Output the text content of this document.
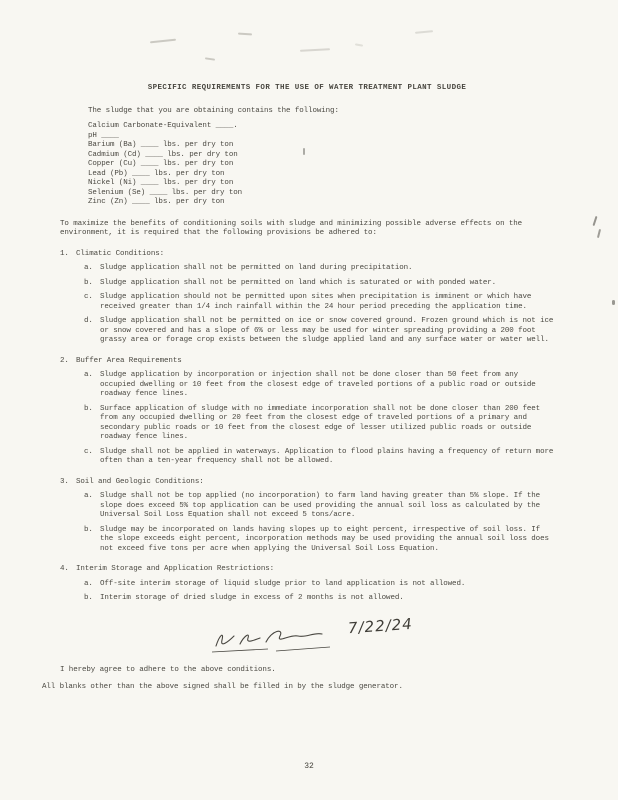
SPECIFIC REQUIREMENTS FOR THE USE OF WATER TREATMENT PLANT SLUDGE
The sludge that you are obtaining contains the following:
Calcium Carbonate-Equivalent ____.
pH ____
Barium (Ba) ____ lbs. per dry ton
Cadmium (Cd) ____ lbs. per dry ton
Copper (Cu) ____ lbs. per dry ton
Lead (Pb) ____ lbs. per dry ton
Nickel (Ni) ____ lbs. per dry ton
Selenium (Se) ____ lbs. per dry ton
Zinc (Zn) ____ lbs. per dry ton
To maximize the benefits of conditioning soils with sludge and minimizing possible adverse effects on the environment, it is required that the following provisions be adhered to:
1. Climatic Conditions:
a. Sludge application shall not be permitted on land during precipitation.
b. Sludge application shall not be permitted on land which is saturated or with ponded water.
c. Sludge application should not be permitted upon sites when precipitation is imminent or which have received greater than 1/4 inch rainfall within the 24 hour period preceding the application time.
d. Sludge application shall not be permitted on ice or snow covered ground. Frozen ground which is not ice or snow covered and has a slope of 6% or less may be used for winter spreading providing a 200 foot grassy area or forage crop exists between the sludge applied land and any surface water or water well.
2. Buffer Area Requirements
a. Sludge application by incorporation or injection shall not be done closer than 50 feet from any occupied dwelling or 10 feet from the closest edge of traveled portions of a public road or outside roadway fence lines.
b. Surface application of sludge with no immediate incorporation shall not be done closer than 200 feet from any occupied dwelling or 20 feet from the closest edge of traveled portions of a primary and secondary public roads or 10 feet from the closest edge of lesser utilized public roads or outside roadway fence lines.
c. Sludge shall not be applied in waterways. Application to flood plains having a frequency of return more often than a ten-year frequency shall not be allowed.
3. Soil and Geologic Conditions:
a. Sludge shall not be top applied (no incorporation) to farm land having greater than 5% slope. If the slope does exceed 5% top application can be used providing the annual soil loss as calculated by the Universal Soil Loss Equation shall not exceed 5 tons/acre.
b. Sludge may be incorporated on lands having slopes up to eight percent, irrespective of soil loss. If the slope exceeds eight percent, incorporation methods may be used providing the annual soil loss does not exceed five tons per acre when applying the Universal Soil Loss Equation.
4. Interim Storage and Application Restrictions:
a. Off-site interim storage of liquid sludge prior to land application is not allowed.
b. Interim storage of dried sludge in excess of 2 months is not allowed.
7/22/24
I hereby agree to adhere to the above conditions.
All blanks other than the above signed shall be filled in by the sludge generator.
32
